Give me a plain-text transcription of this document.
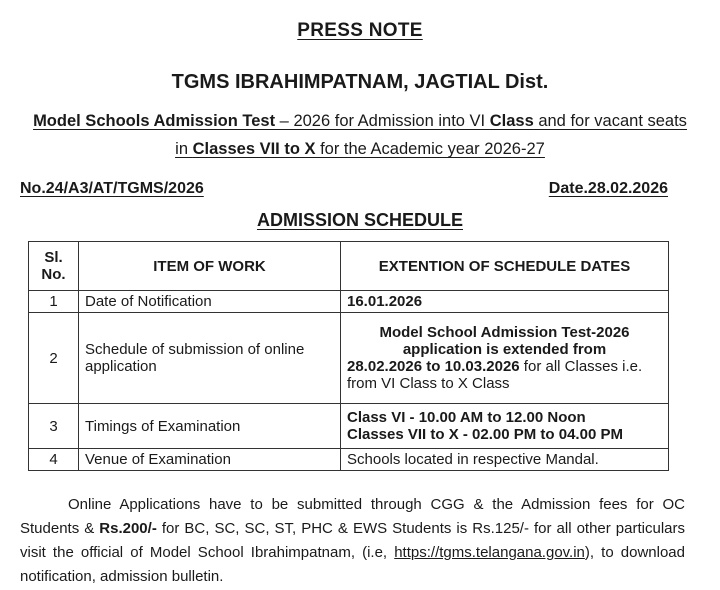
PRESS NOTE
TGMS IBRAHIMPATNAM, JAGTIAL Dist.
Model Schools Admission Test – 2026 for Admission into VI Class and for vacant seats in Classes VII to X for the Academic year 2026-27
No.24/A3/AT/TGMS/2026	Date.28.02.2026
ADMISSION SCHEDULE
Sl. No.	ITEM OF WORK	EXTENTION OF SCHEDULE DATES
1	Date of Notification	16.01.2026
2	Schedule of submission of online application	Model School Admission Test-2026 application is extended from
28.02.2026 to 10.03.2026 for all Classes i.e. from VI Class to X Class
3	Timings of Examination	Class VI - 10.00 AM to 12.00 Noon
Classes VII to X - 02.00 PM to 04.00 PM

4	Venue of Examination	Schools located in respective Mandal.
Online Applications have to be submitted through CGG & the Admission fees for OC Students & Rs.200/- for BC, SC, SC, ST, PHC & EWS Students is Rs.125/- for all other particulars visit the official of Model School Ibrahimpatnam, (i.e, https://tgms.telangana.gov.in), to download notification, admission bulletin.
